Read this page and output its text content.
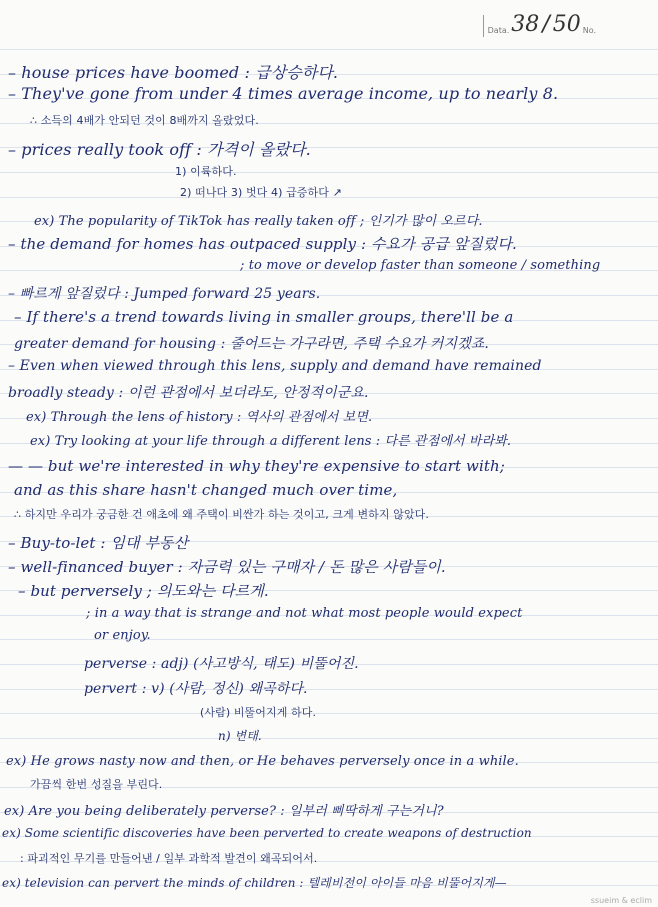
Data. 38 / 50 No.
– house prices have boomed : 급상승하다.
– They've gone from under 4 times average income, up to nearly 8.
∴ 소득의 4배가 안되던 것이 8배까지 올랐었다.
– prices really took off : 가격이 올랐다.
1) 이륙하다.
2) 떠나다 3) 벗다 4) 급증하다 ↗
ex) The popularity of TikTok has really taken off ; 인기가 많이 오르다.
– the demand for homes has outpaced supply : 수요가 공급 앞질렀다.
; to move or develop faster than someone / something
– 빠르게 앞질렀다 : Jumped forward 25 years.
– If there's a trend towards living in smaller groups, there'll be a
greater demand for housing : 줄어드는 가구라면, 주택 수요가 커지겠죠.
– Even when viewed through this lens, supply and demand have remained
broadly steady : 이런 관점에서 보더라도, 안정적이군요.
ex) Through the lens of history : 역사의 관점에서 보면.
ex) Try looking at your life through a different lens : 다른 관점에서 바라봐.
— — but we're interested in why they're expensive to start with;
and as this share hasn't changed much over time,
∴ 하지만 우리가 궁금한 건 애초에 왜 주택이 비싼가 하는 것이고, 크게 변하지 않았다.
– Buy-to-let : 임대 부동산
– well-financed buyer : 자금력 있는 구매자 / 돈 많은 사람들이.
– but perversely ; 의도와는 다르게.
; in a way that is strange and not what most people would expect
or enjoy.
perverse : adj) (사고방식, 태도) 비뚤어진.
pervert : v) (사람, 정신) 왜곡하다.
(사람) 비뚤어지게 하다.
n) 변태.
ex) He grows nasty now and then, or He behaves perversely once in a while.
가끔씩 한번 성질을 부린다.
ex) Are you being deliberately perverse? : 일부러 삐딱하게 구는거니?
ex) Some scientific discoveries have been perverted to create weapons of destruction
: 파괴적인 무기를 만들어낸 / 일부 과학적 발견이 왜곡되어서.
ex) television can pervert the minds of children : 텔레비전이 아이들 마음 비뚤어지게—
ssueim & eclim
